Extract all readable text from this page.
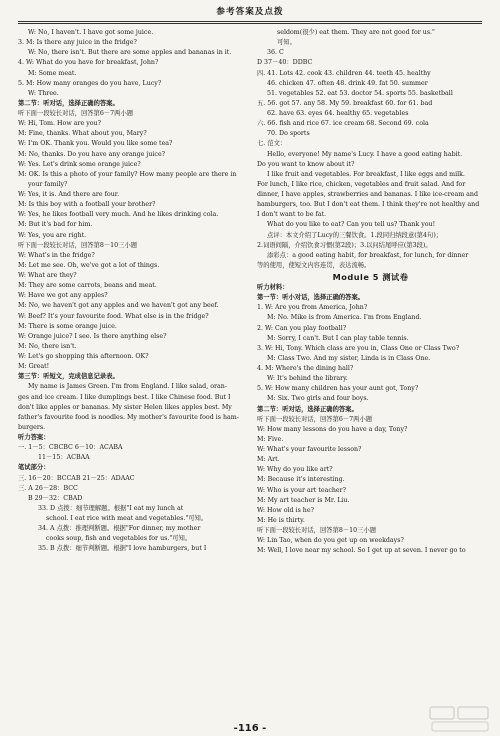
参考答案及点拨
W: No, I haven't. I have got some juice.
3. M: Is there any juice in the fridge?
W: No, there isn't. But there are some apples and bananas in it.
4. W: What do you have for breakfast, John?
M: Some meat.
5. M: How many oranges do you have, Lucy?
W: Three.
第二节：听对话，选择正确的答案。
听下面一段较长对话，回答第6－7两小题
W: Hi, Tom. How are you?
M: Fine, thanks. What about you, Mary?
W: I'm OK. Thank you. Would you like some tea?
M: No, thanks. Do you have any orange juice?
W: Yes. Let's drink some orange juice?
M: OK. Is this a photo of your family? How many people are there in
your family?
W: Yes, it is. And there are four.
M: Is this boy with a football your brother?
W: Yes, he likes football very much. And he likes drinking cola.
M: But it's bad for him.
W: Yes, you are right.
听下面一段较长对话，回答第8－10三小题
W: What's in the fridge?
M: Let me see. Oh, we've got a lot of things.
W: What are they?
M: They are some carrots, beans and meat.
W: Have we got any apples?
M: No, we haven't got any apples and we haven't got any beef.
W: Beef? It's your favourite food. What else is in the fridge?
M: There is some orange juice.
W: Orange juice? I see. Is there anything else?
M: No, there isn't.
W: Let's go shopping this afternoon. OK?
M: Great!
第三节：听短文，完成信息记录表。
My name is James Green. I'm from England. I like salad, oran-
ges and ice cream. I like dumplings best. I like Chinese food. But I
don't like apples or bananas. My sister Helen likes apples best. My
father's favourite food is noodles. My mother's favourite food is ham-
burgers.
听力答案：
一. 1－5：CBCBC 6－10：ACABA
11－15：ACBAA
笔试部分：
三. 16－20：BCCAB 21－25：ADAAC
三. A 26－28：BCC
B 29－32：CBAD
33. D 点拨：细节理解题。根据"I eat my lunch at
school. I eat rice with meat and vegetables."可知。
34. A 点拨：推理判断题。根据"For dinner, my mother
cooks soup, fish and vegetables for us."可知。
35. B 点拨：细节判断题。根据"I love hamburgers, but I
seldom(很少) eat them. They are not good for us."
可知。
36. C
D 37－40：DDBC
四. 41. Lots 42. cook 43. children 44. teeth 45. healthy
46. chicken 47. often 48. drink 49. fat 50. summer
51. vegetables 52. eat 53. doctor 54. sports 55. basketball
五. 56. got 57. any 58. My 59. breakfast 60. for 61. bad
62. have 63. eyes 64. healthy 65. vegetables
六. 66. fish and rice 67. ice cream 68. Second 69. cola
70. Do sports
七. 范文：
Hello, everyone! My name's Lucy. I have a good eating habit.
Do you want to know about it?
I like fruit and vegetables. For breakfast, I like eggs and milk.
For lunch, I like rice, chicken, vegetables and fruit salad. And for
dinner, I have apples, strawberries and bananas. I like ice-cream and
hamburgers, too. But I don't eat them. I think they're not healthy and
I don't want to be fat.
What do you like to eat? Can you tell us? Thank you!
点评：本文介绍了Lucy的三餐饮食。1.段同归纳段意(第4句)；
2.词语间隔，介绍饮食习惯(第2段)；3.以问结尾呼应(第3段)。
添彩点：a good eating habit, for breakfast, for lunch, for dinner
等的使用，使短文内容连贯，表达流畅。
Module 5 测试卷
听力材料：
第一节：听小对话，选择正确的答案。
1. W: Are you from America, John?
M: No. Mike is from America. I'm from England.
2. W: Can you play football?
M: Sorry, I can't. But I can play table tennis.
3. W: Hi, Tony. Which class are you in, Class One or Class Two?
M: Class Two. And my sister, Linda is in Class One.
4. M: Where's the dining hall?
W: It's behind the library.
5. W: How many children has your aunt got, Tony?
M: Six. Two girls and four boys.
第二节：听对话，选择正确的答案。
听下面一段较长对话，回答第6－7两小题
W: How many lessons do you have a day, Tony?
M: Five.
W: What's your favourite lesson?
M: Art.
W: Why do you like art?
M: Because it's interesting.
W: Who is your art teacher?
M: My art teacher is Mr. Liu.
W: How old is he?
M: He is thirty.
听下面一段较长对话，回答第8－10三小题
W: Lin Tao, when do you get up on weekdays?
M: Well, I love near my school. So I get up at seven. I never go to
-116 -
